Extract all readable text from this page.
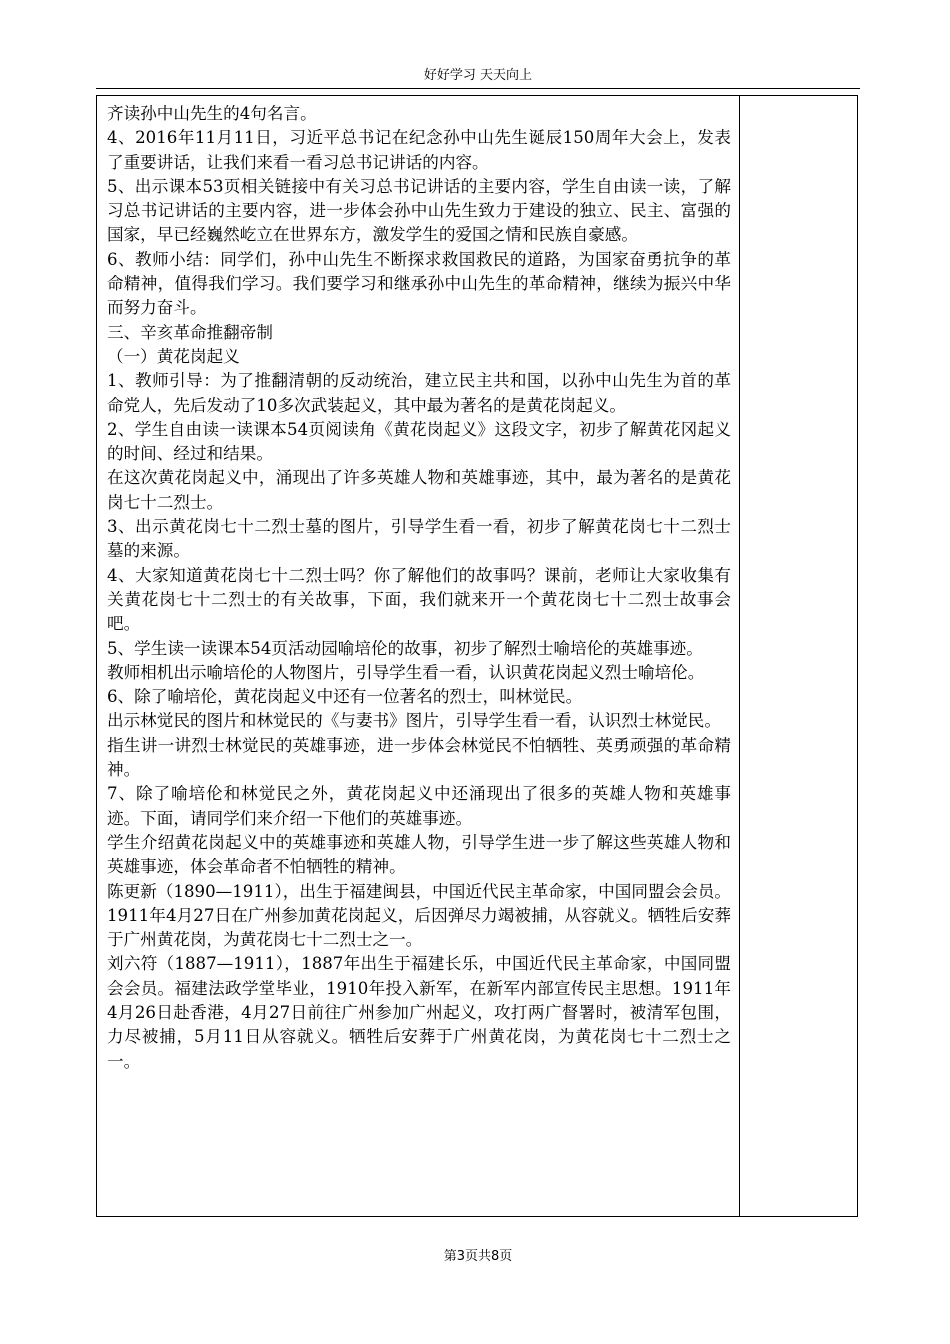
好好学习 天天向上

齐读孙中山先生的4句名言。

4、2016年11月11日，习近平总书记在纪念孙中山先生诞辰150周年大会上，发表了重要讲话，让我们来看一看习总书记讲话的内容。

5、出示课本53页相关链接中有关习总书记讲话的主要内容，学生自由读一读，了解习总书记讲话的主要内容，进一步体会孙中山先生致力于建设的独立、民主、富强的国家，早已经巍然屹立在世界东方，激发学生的爱国之情和民族自豪感。

6、教师小结：同学们，孙中山先生不断探求救国救民的道路，为国家奋勇抗争的革命精神，值得我们学习。我们要学习和继承孙中山先生的革命精神，继续为振兴中华而努力奋斗。

三、辛亥革命推翻帝制

（一）黄花岗起义

1、教师引导：为了推翻清朝的反动统治，建立民主共和国，以孙中山先生为首的革命党人，先后发动了10多次武装起义，其中最为著名的是黄花岗起义。

2、学生自由读一读课本54页阅读角《黄花岗起义》这段文字，初步了解黄花冈起义的时间、经过和结果。

在这次黄花岗起义中，涌现出了许多英雄人物和英雄事迹，其中，最为著名的是黄花岗七十二烈士。

3、出示黄花岗七十二烈士墓的图片，引导学生看一看，初步了解黄花岗七十二烈士墓的来源。

4、大家知道黄花岗七十二烈士吗？你了解他们的故事吗？课前，老师让大家收集有关黄花岗七十二烈士的有关故事，下面，我们就来开一个黄花岗七十二烈士故事会吧。

5、学生读一读课本54页活动园喻培伦的故事，初步了解烈士喻培伦的英雄事迹。

教师相机出示喻培伦的人物图片，引导学生看一看，认识黄花岗起义烈士喻培伦。

6、除了喻培伦，黄花岗起义中还有一位著名的烈士，叫林觉民。

出示林觉民的图片和林觉民的《与妻书》图片，引导学生看一看，认识烈士林觉民。

指生讲一讲烈士林觉民的英雄事迹，进一步体会林觉民不怕牺牲、英勇顽强的革命精神。

7、除了喻培伦和林觉民之外，黄花岗起义中还涌现出了很多的英雄人物和英雄事迹。下面，请同学们来介绍一下他们的英雄事迹。

学生介绍黄花岗起义中的英雄事迹和英雄人物，引导学生进一步了解这些英雄人物和英雄事迹，体会革命者不怕牺牲的精神。

陈更新（1890—1911），出生于福建闽县，中国近代民主革命家，中国同盟会会员。1911年4月27日在广州参加黄花岗起义，后因弹尽力竭被捕，从容就义。牺牲后安葬于广州黄花岗，为黄花岗七十二烈士之一。

刘六符（1887—1911），1887年出生于福建长乐，中国近代民主革命家，中国同盟会会员。福建法政学堂毕业，1910年投入新军，在新军内部宣传民主思想。1911年4月26日赴香港，4月27日前往广州参加广州起义，攻打两广督署时，被清军包围，力尽被捕，5月11日从容就义。牺牲后安葬于广州黄花岗，为黄花岗七十二烈士之一。

第3页共8页
